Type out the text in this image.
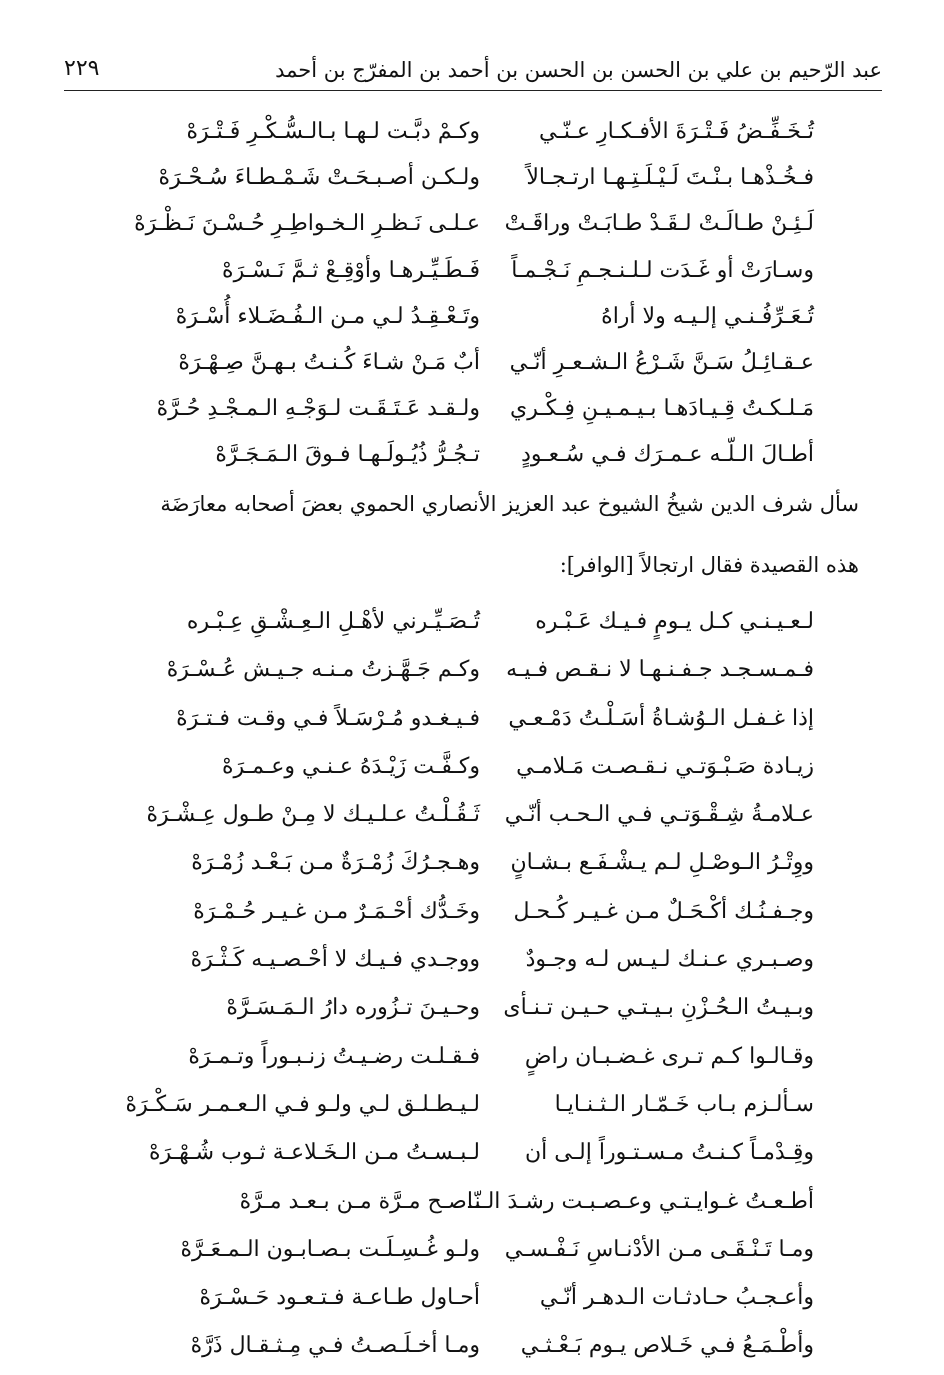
عبد الرّحيم بن علي بن الحسن بن الحسن بن أحمد بن المفرّج بن أحمد
٢٢٩
تُـخَـفِّـضُ فَـتْـرَةَ الأفـكـارِ عـنّـي
وكـمْ دبَّـت لـهـا بـالـسُّـكْـرِ فَـتْـرَهْ
فـخُـذْهـا بـنْـتَ لَـيْـلَـتِـهـا ارتـجـالاً
ولـكـن أصـبـحَـتْ شَـمْـطـاءَ سُـحْـرَهْ
لَـئِـنْ طـالَـتْ لـقَـدْ طـابَـتْ وراقَـتْ
عـلـى نَـظـرِ الـخـواطِـرِ حُـسْـنَ نَـظْـرَهْ
وسـارَتْ أو غَـدَت لـلـنـجـمِ نَـجْـمـاً
فَـطَـيِّـرهـا وأوْقِـعْ ثـمَّ نَـسْـرَهْ
تُـعَـرِّفُـنـي إلـيـه ولا أراهُ
وتَـعْـقِـدُ لـي مـن الـفُـضَـلاء أُسْـرَهْ
عـقـائِـلُ سَـنَّ شَـرْعُ الـشـعـرِ أنّـي
أبٌ مَـنْ شـاءَ كُـنـتُ بـهـنَّ صِـهْـرَهْ
مَـلـكـتُ قِـيـادَهـا بـيـمـيـنِ فِـكْـري
ولـقـد عَـتَـقَـت لـوَجْـهِ الـمـجْـدِ حُـرَّهْ
أطـالَ الـلّـه عـمـرَك فـي سُـعـودٍ
تـجُـرُّ ذُيُـولَـهـا فـوقَ الـمَـجَـرَّهْ
سأل شرف الدين شيخُ الشيوخ عبد العزيز الأنصاري الحموي بعضَ أصحابه معارَضَة
هذه القصيدة فقال ارتجالاً [الوافر]:
لـعـيـنـي كـل يـومٍ فـيـك عَـبْـره
تُـصَـيِّـرني لأهْـلِ الـعِـشْـقِ عِـبْـره
فـمـسـجـد جـفـنـهـا لا نـقـص فـيـه
وكـم جَـهَّـزتُ مـنـه جـيـش عُـسْـرَهْ
إذا غـفـل الـوُشـاةُ أسَـلْـتُ دَمْـعـي
فـيـغـدو مُـرْسَـلاً فـي وقـت فـتـرَهْ
زيـادة صَـبْـوَتـي نـقـصـت مَـلامـي
وكـفَّـت زَيْـدَهُ عـنـي وعـمـرَهْ
عـلامـةُ شِـقْـوَتـي فـي الـحـب أنّـي
ثَـقُـلْـتُ عـلـيـك لا مِـنْ طـول عِـشْـرَهْ
ووِتْـرُ الـوصْـلِ لـم يـشْـفَـع بـشـانٍ
وهـجـرُكَ زُمْـرَةٌ مـن بَـعْـد زُمْـرَهْ
وجـفـنُـك أكْـحَـلٌ مـن غـيـر كُـحـل
وخَـدُّك أحْـمَـرٌ مـن غـيـر حُـمْـرَهْ
وصـبـري عـنـك لـيـس لـه وجـودٌ
ووجـدي فـيـك لا أحْـصـيـه كَـثْـرَهْ
وبـيـتُ الـحُـزْنِ بـيـتـي حـيـن تـنـأى
وحـيـنَ تـزُوره دارُ الـمَـسَـرَّهْ
وقـالـوا كـم تـرى غـضـبـان راضٍ
فـقـلـت رضـيـتُ زنـبـوراً وتـمـرَهْ
سـألـزم بـاب خَـمّـار الـثـنـايـا
لـيـطـلـق لـي ولـو فـي الـعـمـر سَـكْـرَهْ
وقِـدْمـاً كـنـتُ مـسـتـوراً إلـى أن
لـبـسـتُ مـن الـخَـلاعـة ثـوب شُـهْـرَهْ
أطـعـتُ غـوايـتـي وعـصـبـت رشـدَ الـنّـ
ـاصـح مـرَّة مـن بـعـد مـرَّهْ
ومـا تَـنْـقَـى مـن الأدْنـاسِ نَـفْـسـي
ولـو غُـسِـلَـت بـصـابـون الـمـعَـرَّهْ
وأعـجـبُ حـادثـات الـدهـر أنّـي
أحـاول طـاعـة فـتـعـود حَـسْـرَهْ
وأطْـمَـعُ فـي خَـلاص يـوم بَـعْـثـي
ومـا أخـلَـصـتُ فـي مِـثـقـال ذَرَّهْ
